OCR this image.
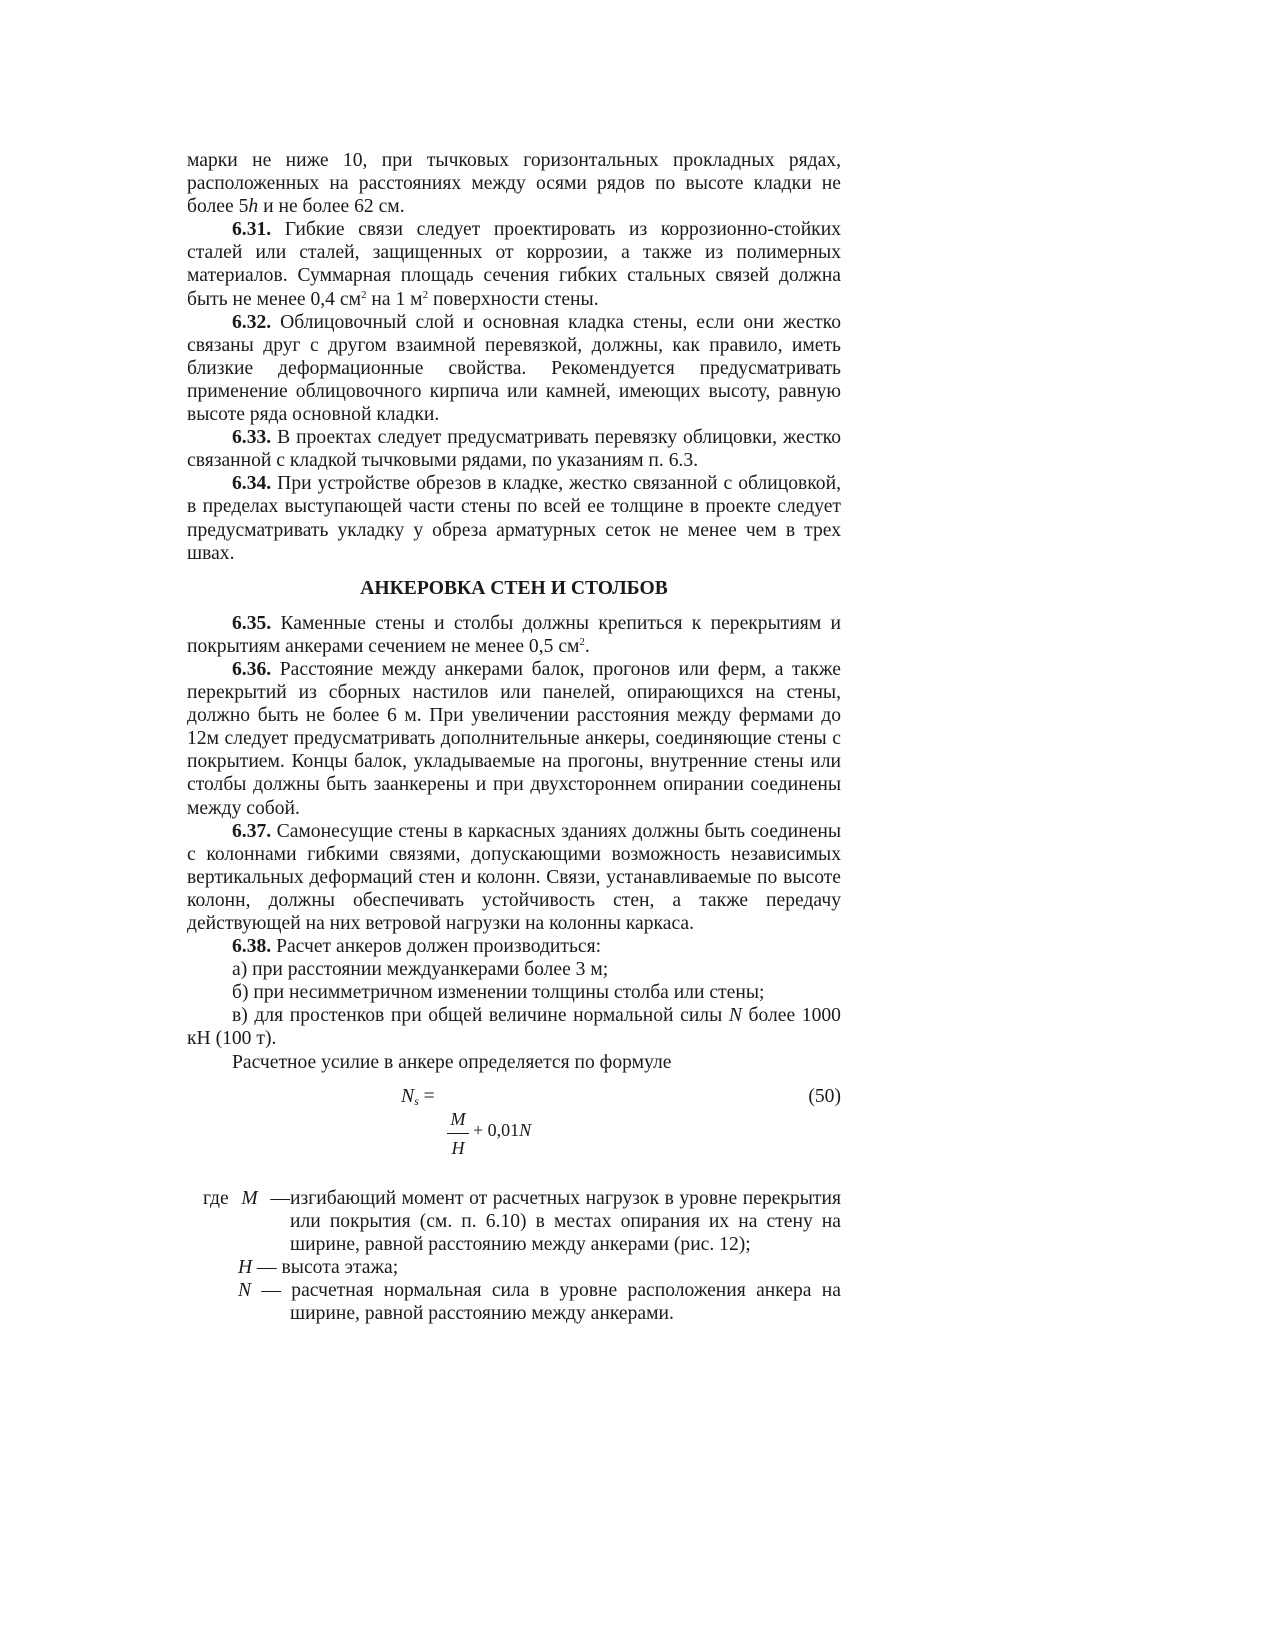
марки не ниже 10, при тычковых горизонтальных прокладных рядах, расположенных на расстояниях между осями рядов по высоте кладки не более 5h и не более 62 см.

6.31. Гибкие связи следует проектировать из коррозионно-стойких сталей или сталей, защищенных от коррозии, а также из полимерных материалов. Суммарная площадь сечения гибких стальных связей должна быть не менее 0,4 $см^2$ на 1 $м^2$ поверхности стены.

6.32. Облицовочный слой и основная кладка стены, если они жестко связаны друг с другом взаимной перевязкой, должны, как правило, иметь близкие деформационные свойства. Рекомендуется предусматривать применение облицовочного кирпича или камней, имеющих высоту, равную высоте ряда основной кладки.

6.33. В проектах следует предусматривать перевязку облицовки, жестко связанной с кладкой тычковыми рядами, по указаниям п. 6.3.

6.34. При устройстве обрезов в кладке, жестко связанной с облицовкой, в пределах выступающей части стены по всей ее толщине в проекте следует предусматривать укладку у обреза арматурных сеток не менее чем в трех швах.

АНКЕРОВКА СТЕН И СТОЛБОВ

6.35. Каменные стены и столбы должны крепиться к перекрытиям и покрытиям анкерами сечением не менее 0,5 $см^2$.

6.36. Расстояние между анкерами балок, прогонов или ферм, а также перекрытий из сборных настилов или панелей, опирающихся на стены, должно быть не более 6 м. При увеличении расстояния между фермами до 12м следует предусматривать дополнительные анкеры, соединяющие стены с покрытием. Концы балок, укладываемые на прогоны, внутренние стены или столбы должны быть заанкерены и при двухстороннем опирании соединены между собой.

6.37. Самонесущие стены в каркасных зданиях должны быть соединены с колоннами гибкими связями, допускающими возможность независимых вертикальных деформаций стен и колонн. Связи, устанавливаемые по высоте колонн, должны обеспечивать устойчивость стен, а также передачу действующей на них ветровой нагрузки на колонны каркаса.

6.38. Расчет анкеров должен производиться:

а) при расстоянии междуанкерами более 3 м;

б) при несимметричном изменении толщины столба или стены;

в) для простенков при общей величине нормальной силы N более 1000 кН (100 т).

Расчетное усилие в анкере определяется по формуле

$N_s$ =
M
H
+ 0,01N
(50)
где M — изгибающий момент от расчетных нагрузок в уровне перекрытия или покрытия (см. п. 6.10) в местах опирания их на стену на ширине, равной расстоянию между анкерами (рис. 12);
H — высота этажа;
N — расчетная нормальная сила в уровне расположения анкера на ширине, равной расстоянию между анкерами.
